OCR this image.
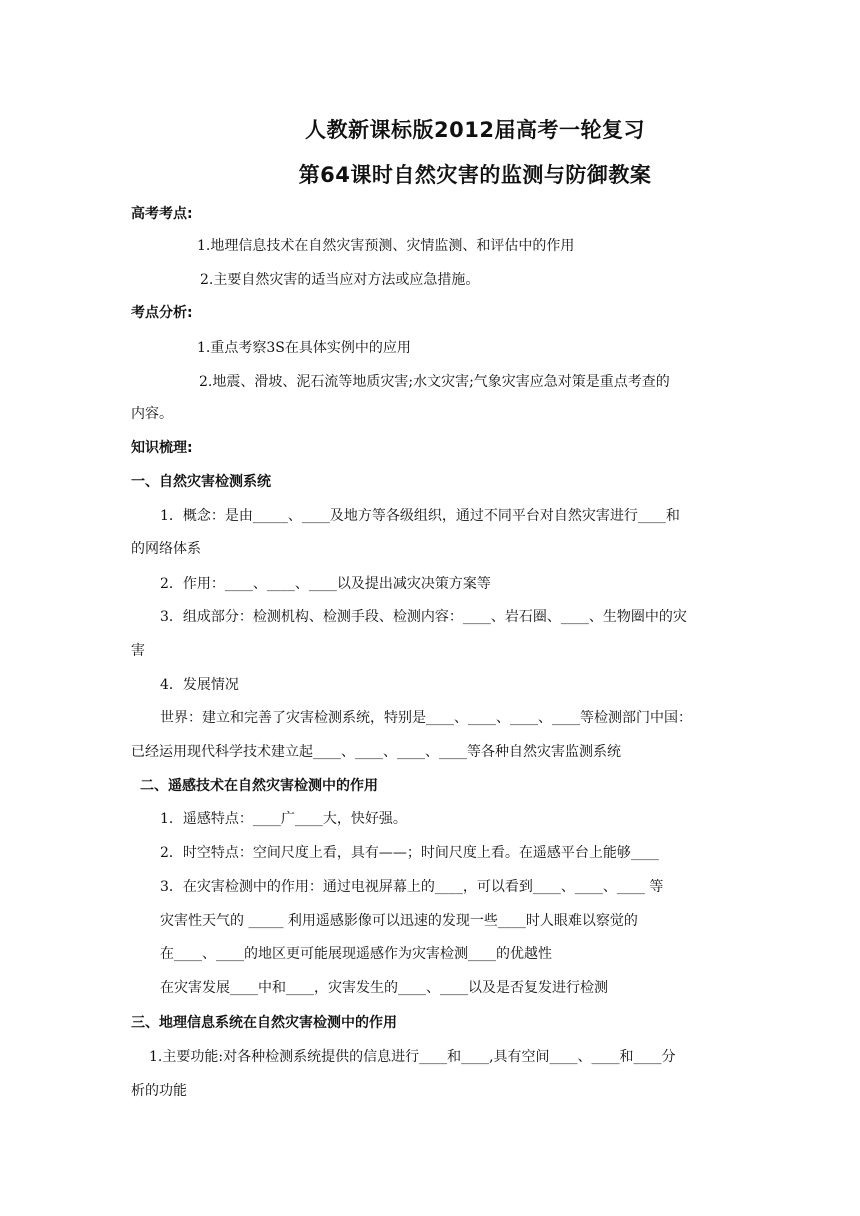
人教新课标版2012届高考一轮复习
第64课时自然灾害的监测与防御教案
高考考点:
1.地理信息技术在自然灾害预测、灾情监测、和评估中的作用
2.主要自然灾害的适当应对方法或应急措施。
考点分析:
1.重点考察3S在具体实例中的应用
2.地震、滑坡、泥石流等地质灾害;水文灾害;气象灾害应急对策是重点考查的
内容。
知识梳理:
一、自然灾害检测系统
1．概念：是由_____、____及地方等各级组织，通过不同平台对自然灾害进行____和
的网络体系
2．作用：____、____、____以及提出减灾决策方案等
3．组成部分：检测机构、检测手段、检测内容：____、岩石圈、____、生物圈中的灾
害
4．发展情况
世界：建立和完善了灾害检测系统，特别是____、____、____、____等检测部门中国：
已经运用现代科学技术建立起____、____、____、____等各种自然灾害监测系统
二、遥感技术在自然灾害检测中的作用
1．遥感特点：____广____大，快好强。
2．时空特点：空间尺度上看，具有——；时间尺度上看。在遥感平台上能够____
3．在灾害检测中的作用：通过电视屏幕上的____，可以看到____、____、____ 等
灾害性天气的 _____ 利用遥感影像可以迅速的发现一些____时人眼难以察觉的
在____、____的地区更可能展现遥感作为灾害检测____的优越性
在灾害发展____中和____，灾害发生的____、____以及是否复发进行检测
三、地理信息系统在自然灾害检测中的作用
1.主要功能:对各种检测系统提供的信息进行____和____,具有空间____、____和____分
析的功能
